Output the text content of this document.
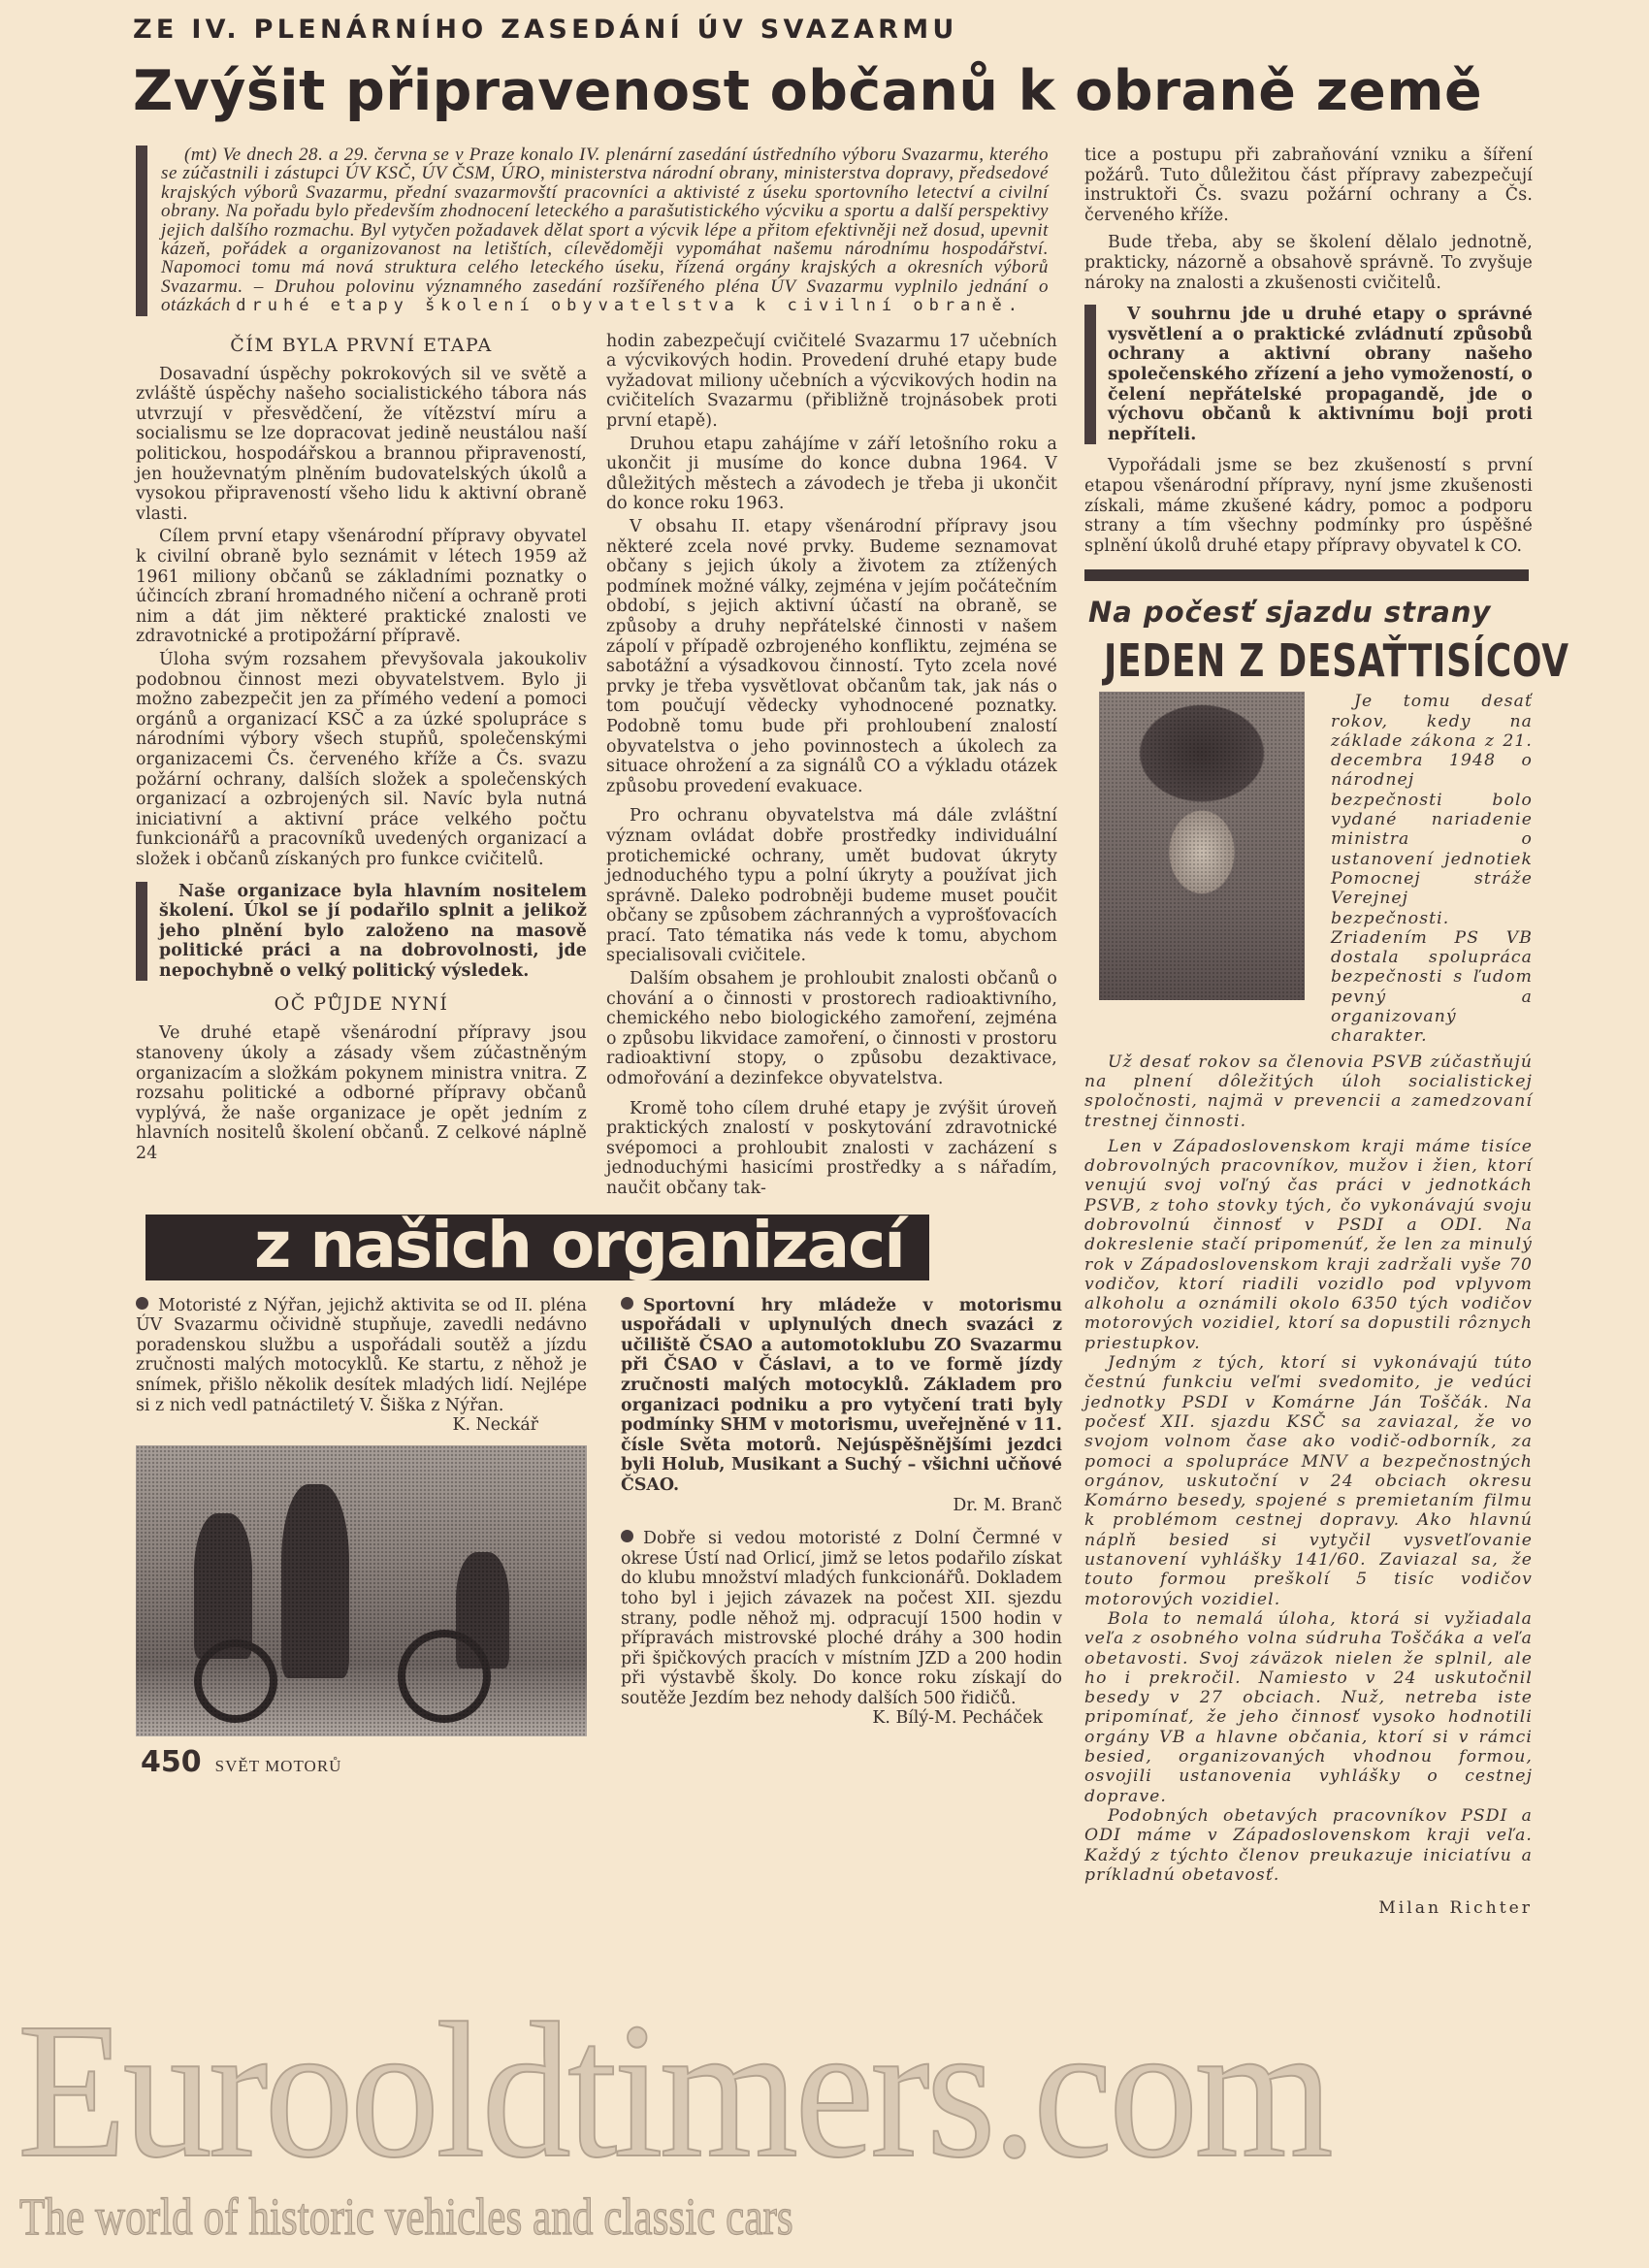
ZE IV. PLENÁRNÍHO ZASEDÁNÍ ÚV SVAZARMU
Zvýšit připravenost občanů k obraně země

(mt) Ve dnech 28. a 29. června se v Praze konalo IV. plenární zasedání ústředního výboru Svazarmu, kterého se zúčastnili i zástupci ÚV KSČ, ÚV ČSM, ÚRO, ministerstva národní obrany, ministerstva dopravy, předsedové krajských výborů Svazarmu, přední svazarmovští pracovníci a aktivisté z úseku sportovního letectví a civilní obrany. Na pořadu bylo především zhodnocení leteckého a parašutistického výcviku a sportu a další perspektivy jejich dalšího rozmachu. Byl vytyčen požadavek dělat sport a výcvik lépe a přitom efektivněji než dosud, upevnit kázeň, pořádek a organizovanost na letištích, cílevědoměji vypomáhat našemu národnímu hospodářství. Napomoci tomu má nová struktura celého leteckého úseku, řízená orgány krajských a okresních výborů Svazarmu. – Druhou polovinu významného zasedání rozšířeného pléna ÚV Svazarmu vyplnilo jednání o otázkách druhé etapy školení obyvatelstva k civilní obraně.

ČÍM BYLA PRVNÍ ETAPA

Dosavadní úspěchy pokrokových sil ve světě a zvláště úspěchy našeho socialistického tábora nás utvrzují v přesvědčení, že vítězství míru a socialismu se lze dopracovat jedině neustálou naší politickou, hospodářskou a brannou připraveností, jen houževnatým plněním budovatelských úkolů a vysokou připraveností všeho lidu k aktivní obraně vlasti.

Cílem první etapy všenárodní přípravy obyvatel k civilní obraně bylo seznámit v létech 1959 až 1961 miliony občanů se základními poznatky o účincích zbraní hromadného ničení a ochraně proti nim a dát jim některé praktické znalosti ve zdravotnické a protipožární přípravě.

Úloha svým rozsahem převyšovala jakoukoliv podobnou činnost mezi obyvatelstvem. Bylo ji možno zabezpečit jen za přímého vedení a pomoci orgánů a organizací KSČ a za úzké spolupráce s národními výbory všech stupňů, společenskými organizacemi Čs. červeného kříže a Čs. svazu požární ochrany, dalších složek a společenských organizací a ozbrojených sil. Navíc byla nutná iniciativní a aktivní práce velkého počtu funkcionářů a pracovníků uvedených organizací a složek i občanů získaných pro funkce cvičitelů.

Naše organizace byla hlavním nositelem školení. Úkol se jí podařilo splnit a jelikož jeho plnění bylo založeno na masově politické práci a na dobrovolnosti, jde nepochybně o velký politický výsledek.

OČ PŮJDE NYNÍ

Ve druhé etapě všenárodní přípravy jsou stanoveny úkoly a zásady všem zúčastněným organizacím a složkám pokynem ministra vnitra. Z rozsahu politické a odborné přípravy občanů vyplývá, že naše organizace je opět jedním z hlavních nositelů školení občanů. Z celkové náplně 24

hodin zabezpečují cvičitelé Svazarmu 17 učebních a výcvikových hodin. Provedení druhé etapy bude vyžadovat miliony učebních a výcvikových hodin na cvičitelích Svazarmu (přibližně trojnásobek proti první etapě).

Druhou etapu zahájíme v září letošního roku a ukončit ji musíme do konce dubna 1964. V důležitých městech a závodech je třeba ji ukončit do konce roku 1963.

V obsahu II. etapy všenárodní přípravy jsou některé zcela nové prvky. Budeme seznamovat občany s jejich úkoly a životem za ztížených podmínek možné války, zejména v jejím počátečním období, s jejich aktivní účastí na obraně, se způsoby a druhy nepřátelské činnosti v našem zápolí v případě ozbrojeného konfliktu, zejména se sabotážní a výsadkovou činností. Tyto zcela nové prvky je třeba vysvětlovat občanům tak, jak nás o tom poučují vědecky vyhodnocené poznatky. Podobně tomu bude při prohloubení znalostí obyvatelstva o jeho povinnostech a úkolech za situace ohrožení a za signálů CO a výkladu otázek způsobu provedení evakuace.

Pro ochranu obyvatelstva má dále zvláštní význam ovládat dobře prostředky individuální protichemické ochrany, umět budovat úkryty jednoduchého typu a polní úkryty a používat jich správně. Daleko podrobněji budeme muset poučit občany se způsobem záchranných a vyprošťovacích prací. Tato tématika nás vede k tomu, abychom specialisovali cvičitele.

Dalším obsahem je prohloubit znalosti občanů o chování a o činnosti v prostorech radioaktivního, chemického nebo biologického zamoření, zejména o způsobu likvidace zamoření, o činnosti v prostoru radioaktivní stopy, o způsobu dezaktivace, odmořování a dezinfekce obyvatelstva.

Kromě toho cílem druhé etapy je zvýšit úroveň praktických znalostí v poskytování zdravotnické svépomoci a prohloubit znalosti v zacházení s jednoduchými hasicími prostředky a s nářadím, naučit občany tak-

z našich organizací

Motoristé z Nýřan, jejichž aktivita se od II. pléna ÚV Svazarmu očividně stupňuje, zavedli nedávno poradenskou službu a uspořádali soutěž a jízdu zručnosti malých motocyklů. Ke startu, z něhož je snímek, přišlo několik desítek mladých lidí. Nejlépe si z nich vedl patnáctiletý V. Šiška z Nýřan.

K. Neckář

Sportovní hry mládeže v motorismu uspořádali v uplynulých dnech svazáci z učiliště ČSAO a automotoklubu ZO Svazarmu při ČSAO v Čáslavi, a to ve formě jízdy zručnosti malých motocyklů. Základem pro organizaci podniku a pro vytyčení trati byly podmínky SHM v motorismu, uveřejněné v 11. čísle Světa motorů. Nejúspěšnějšími jezdci byli Holub, Musikant a Suchý – všichni učňové ČSAO.

Dr. M. Branč

Dobře si vedou motoristé z Dolní Čermné v okrese Ústí nad Orlicí, jimž se letos podařilo získat do klubu množství mladých funkcionářů. Dokladem toho byl i jejich závazek na počest XII. sjezdu strany, podle něhož mj. odpracují 1500 hodin v přípravách mistrovské ploché dráhy a 300 hodin při špičkových pracích v místním JZD a 200 hodin při výstavbě školy. Do konce roku získají do soutěže Jezdím bez nehody dalších 500 řidičů.

K. Bílý-M. Pecháček

450 SVĚT MOTORŮ

tice a postupu při zabraňování vzniku a šíření požárů. Tuto důležitou část přípravy zabezpečují instruktoři Čs. svazu požární ochrany a Čs. červeného kříže.

Bude třeba, aby se školení dělalo jednotně, prakticky, názorně a obsahově správně. To zvyšuje nároky na znalosti a zkušenosti cvičitelů.

V souhrnu jde u druhé etapy o správné vysvětlení a o praktické zvládnutí způsobů ochrany a aktivní obrany našeho společenského zřízení a jeho vymožeností, o čelení nepřátelské propagandě, jde o výchovu občanů k aktivnímu boji proti nepříteli.

Vypořádali jsme se bez zkušeností s první etapou všenárodní přípravy, nyní jsme zkušenosti získali, máme zkušené kádry, pomoc a podporu strany a tím všechny podmínky pro úspěšné splnění úkolů druhé etapy přípravy obyvatel k CO.

Na počesť sjazdu strany
JEDEN Z DESAŤTISÍCOV

Je tomu desať rokov, kedy na základe zákona z 21. decembra 1948 o národnej bezpečnosti bolo vydané nariadenie ministra o ustanovení jednotiek Pomocnej stráže Verejnej bezpečnosti. Zriadením PS VB dostala spolupráca bezpečnosti s ľudom pevný a organizovaný charakter.

Už desať rokov sa členovia PSVB zúčastňujú na plnení dôležitých úloh socialistickej spoločnosti, najmä v prevencii a zamedzovaní trestnej činnosti.

Len v Západoslovenskom kraji máme tisíce dobrovolných pracovníkov, mužov i žien, ktorí venujú svoj voľný čas práci v jednotkách PSVB, z toho stovky tých, čo vykonávajú svoju dobrovolnú činnosť v PSDI a ODI. Na dokreslenie stačí pripomenúť, že len za minulý rok v Západoslovenskom kraji zadržali vyše 70 vodičov, ktorí riadili vozidlo pod vplyvom alkoholu a oznámili okolo 6350 tých vodičov motorových vozidiel, ktorí sa dopustili rôznych priestupkov.

Jedným z tých, ktorí si vykonávajú túto čestnú funkciu veľmi svedomito, je vedúci jednotky PSDI v Komárne Ján Toščák. Na počesť XII. sjazdu KSČ sa zaviazal, že vo svojom volnom čase ako vodič-odborník, za pomoci a spolupráce MNV a bezpečnostných orgánov, uskutoční v 24 obciach okresu Komárno besedy, spojené s premietaním filmu k problémom cestnej dopravy. Ako hlavnú náplň besied si vytyčil vysvetľovanie ustanovení vyhlášky 141/60. Zaviazal sa, že touto formou preškolí 5 tisíc vodičov motorových vozidiel.

Bola to nemalá úloha, ktorá si vyžiadala veľa z osobného volna súdruha Toščáka a veľa obetavosti. Svoj záväzok nielen že splnil, ale ho i prekročil. Namiesto v 24 uskutočnil besedy v 27 obciach. Nuž, netreba iste pripomínať, že jeho činnosť vysoko hodnotili orgány VB a hlavne občania, ktorí si v rámci besied, organizovaných vhodnou formou, osvojili ustanovenia vyhlášky o cestnej doprave.

Podobných obetavých pracovníkov PSDI a ODI máme v Západoslovenskom kraji veľa. Každý z týchto členov preukazuje iniciatívu a príkladnú obetavosť.

Milan Richter

Eurooldtimers.com
The world of historic vehicles and classic cars
